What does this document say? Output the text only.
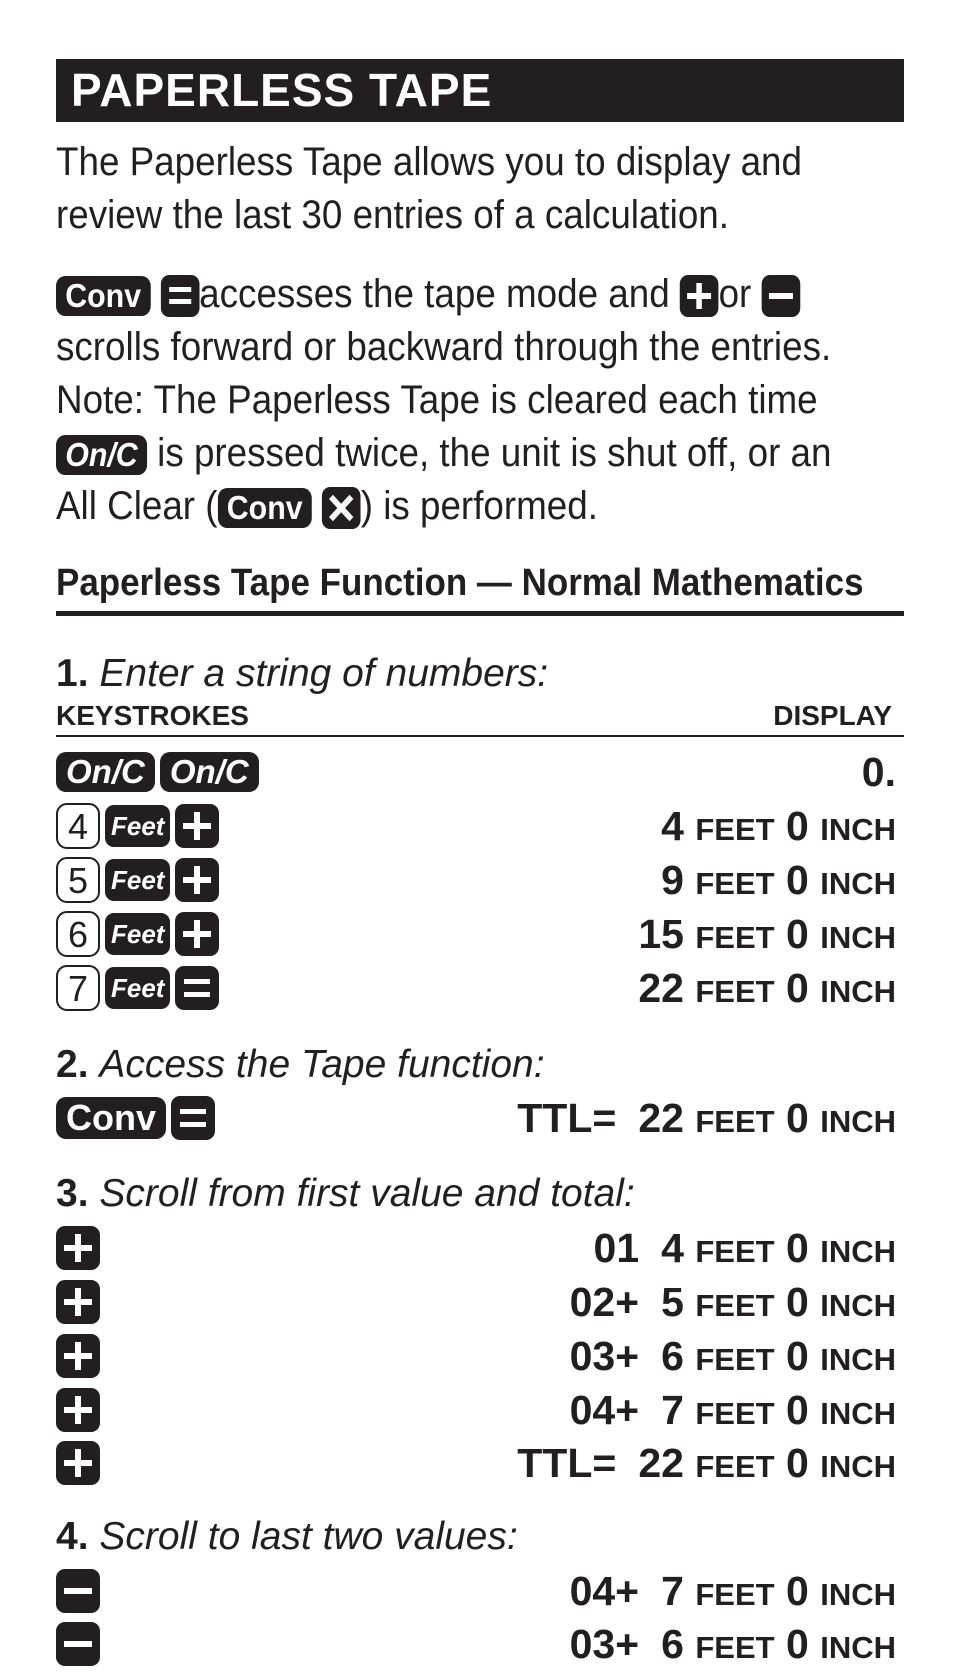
PAPERLESS TAPE
The Paperless Tape allows you to display and
review the last 30 entries of a calculation.
Conv accesses the tape mode and or
scrolls forward or backward through the entries.
Note: The Paperless Tape is cleared each time
On/C is pressed twice, the unit is shut off, or an
All Clear ( Conv ) is performed.
Paperless Tape Function — Normal Mathematics
1. Enter a string of numbers:
KEYSTROKES	DISPLAY
On/C On/C	0.
4 Feet	4 FEET 0 INCH
5 Feet	9 FEET 0 INCH
6 Feet	15 FEET 0 INCH
7 Feet	22 FEET 0 INCH
2. Access the Tape function:
Conv	TTL= 22 FEET 0 INCH
3. Scroll from first value and total:
01 4 FEET 0 INCH
02+ 5 FEET 0 INCH
03+ 6 FEET 0 INCH
04+ 7 FEET 0 INCH
TTL= 22 FEET 0 INCH
4. Scroll to last two values:
04+ 7 FEET 0 INCH
03+ 6 FEET 0 INCH
